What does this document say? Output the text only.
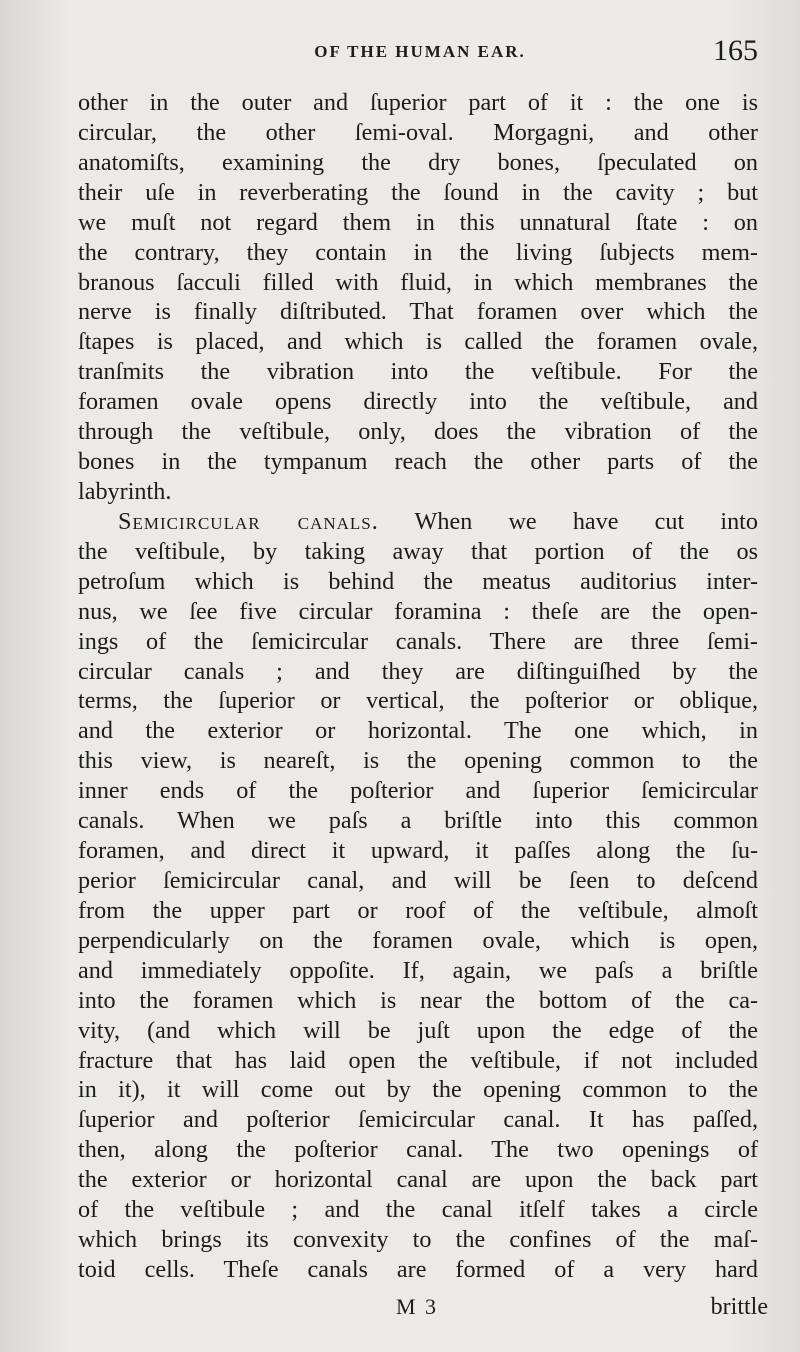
OF THE HUMAN EAR.	165
other in the outer and ſuperior part of it : the one is
circular, the other ſemi-oval. Morgagni, and other
anatomiſts, examining the dry bones, ſpeculated on
their uſe in reverberating the ſound in the cavity ; but
we muſt not regard them in this unnatural ſtate : on
the contrary, they contain in the living ſubjects mem-
branous ſacculi filled with fluid, in which membranes the
nerve is finally diſtributed. That foramen over which the
ſtapes is placed, and which is called the foramen ovale,
tranſmits the vibration into the veſtibule. For the
foramen ovale opens directly into the veſtibule, and
through the veſtibule, only, does the vibration of the
bones in the tympanum reach the other parts of the
labyrinth.
Semicircular canals. When we have cut into
the veſtibule, by taking away that portion of the os
petroſum which is behind the meatus auditorius inter-
nus, we ſee five circular foramina : theſe are the open-
ings of the ſemicircular canals. There are three ſemi-
circular canals ; and they are diſtinguiſhed by the
terms, the ſuperior or vertical, the poſterior or oblique,
and the exterior or horizontal. The one which, in
this view, is neareſt, is the opening common to the
inner ends of the poſterior and ſuperior ſemicircular
canals. When we paſs a briſtle into this common
foramen, and direct it upward, it paſſes along the ſu-
perior ſemicircular canal, and will be ſeen to deſcend
from the upper part or roof of the veſtibule, almoſt
perpendicularly on the foramen ovale, which is open,
and immediately oppoſite. If, again, we paſs a briſtle
into the foramen which is near the bottom of the ca-
vity, (and which will be juſt upon the edge of the
fracture that has laid open the veſtibule, if not included
in it), it will come out by the opening common to the
ſuperior and poſterior ſemicircular canal. It has paſſed,
then, along the poſterior canal. The two openings of
the exterior or horizontal canal are upon the back part
of the veſtibule ; and the canal itſelf takes a circle
which brings its convexity to the confines of the maſ-
toid cells. Theſe canals are formed of a very hard
M 3	brittle
